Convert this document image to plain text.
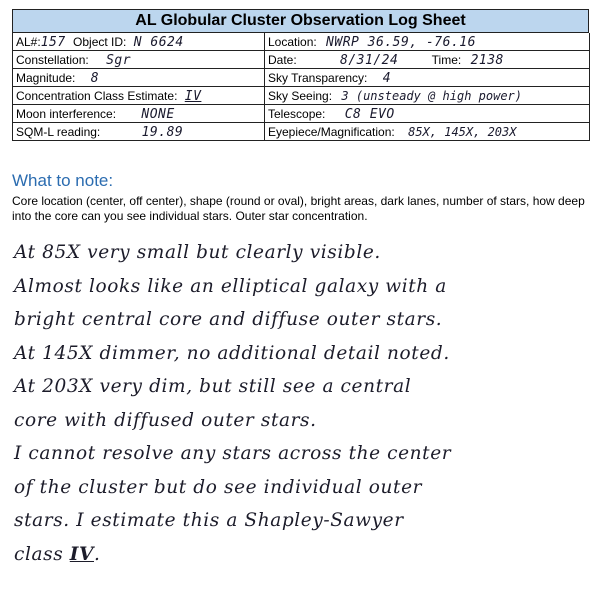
AL Globular Cluster Observation Log Sheet
AL#:157 Object ID: N 6624	Location: NWRP 36.59, -76.16
Constellation: Sgr	Date:	8/31/24	Time: 2138
Magnitude: 8	Sky Transparency: 4
Concentration Class Estimate: IV	Sky Seeing: 3 (unsteady @ high power)
Moon interference: NONE	Telescope: C8 EVO
SQM-L reading:	19.89	Eyepiece/Magnification: 85X, 145X, 203X
What to note:
Core location (center, off center), shape (round or oval), bright areas, dark lanes, number of stars, how deep into the core can you see individual stars. Outer star concentration.
At 85X very small but clearly visible.
Almost looks like an elliptical galaxy with a
bright central core and diffuse outer stars.
At 145X dimmer, no additional detail noted.
At 203X very dim, but still see a central
core with diffused outer stars.
I cannot resolve any stars across the center
of the cluster but do see individual outer
stars. I estimate this a Shapley-Sawyer
class IV.
